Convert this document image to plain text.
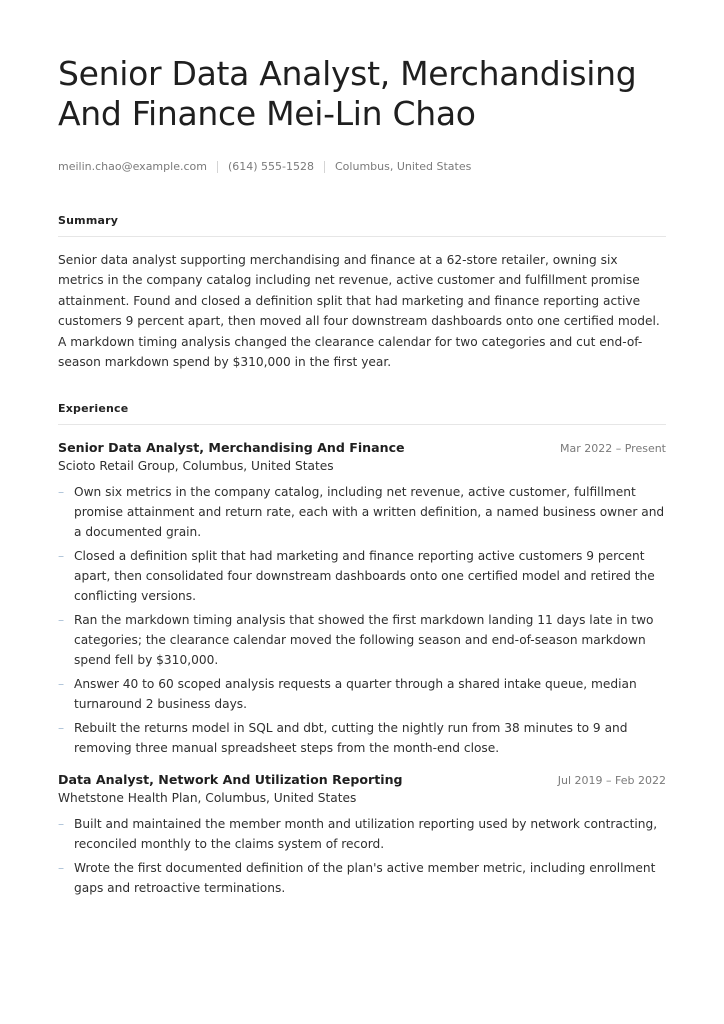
Senior Data Analyst, Merchandising And Finance Mei-Lin Chao
meilin.chao@example.com (614) 555-1528 Columbus, United States
Summary

Senior data analyst supporting merchandising and finance at a 62-store retailer, owning six metrics in the company catalog including net revenue, active customer and fulfillment promise attainment. Found and closed a definition split that had marketing and finance reporting active customers 9 percent apart, then moved all four downstream dashboards onto one certified model. A markdown timing analysis changed the clearance calendar for two categories and cut end-of-season markdown spend by $310,000 in the first year.

Experience
Senior Data Analyst, Merchandising And Finance	Mar 2022 – Present
Scioto Retail Group, Columbus, United States
– Own six metrics in the company catalog, including net revenue, active customer, fulfillment promise attainment and return rate, each with a written definition, a named business owner and a documented grain.
– Closed a definition split that had marketing and finance reporting active customers 9 percent apart, then consolidated four downstream dashboards onto one certified model and retired the conflicting versions.
– Ran the markdown timing analysis that showed the first markdown landing 11 days late in two categories; the clearance calendar moved the following season and end-of-season markdown spend fell by $310,000.
– Answer 40 to 60 scoped analysis requests a quarter through a shared intake queue, median turnaround 2 business days.
– Rebuilt the returns model in SQL and dbt, cutting the nightly run from 38 minutes to 9 and removing three manual spreadsheet steps from the month-end close.
Data Analyst, Network And Utilization Reporting	Jul 2019 – Feb 2022
Whetstone Health Plan, Columbus, United States
– Built and maintained the member month and utilization reporting used by network contracting, reconciled monthly to the claims system of record.
– Wrote the first documented definition of the plan's active member metric, including enrollment gaps and retroactive terminations.
